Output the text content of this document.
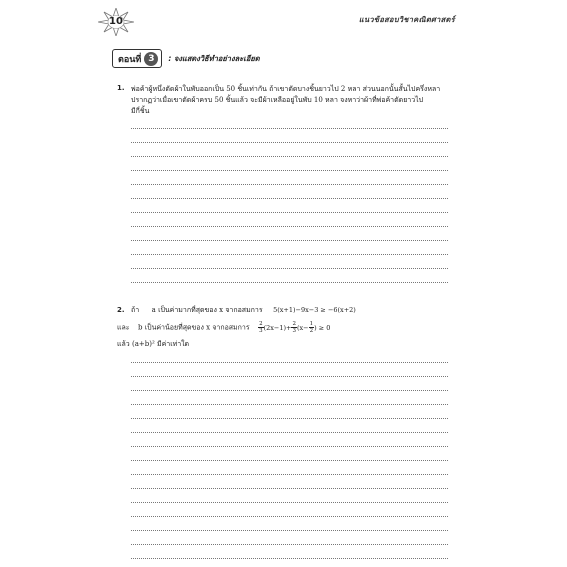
10	แนวข้อสอบวิชาคณิตศาสตร์
ตอนที่ 3	: จงแสดงวิธีทำอย่างละเอียด
1. พ่อค้าผู้หนึ่งตัดผ้าในพับออกเป็น 50 ชิ้นเท่ากัน ถ้าเขาตัดบางชิ้นยาวไป 2 หลา ส่วนนอกนั้นสั้นไปครึ่งหลา
ปรากฏว่าเมื่อเขาตัดผ้าครบ 50 ชิ้นแล้ว จะมีผ้าเหลืออยู่ในพับ 10 หลา จงหาว่าผ้าที่พ่อค้าตัดยาวไป
มีกี่ชิ้น
2. ถ้า a เป็นค่ามากที่สุดของ x จากอสมการ 5(x+1)−9x−3 ≥ −6(x+2)
และ b เป็นค่าน้อยที่สุดของ x จากอสมการ $\frac{2}{3} (2x-1)+ \frac{2}{3} (x- \frac{1}{2}$ ) ≥ 0
แล้ว (a+b)² มีค่าเท่าใด
